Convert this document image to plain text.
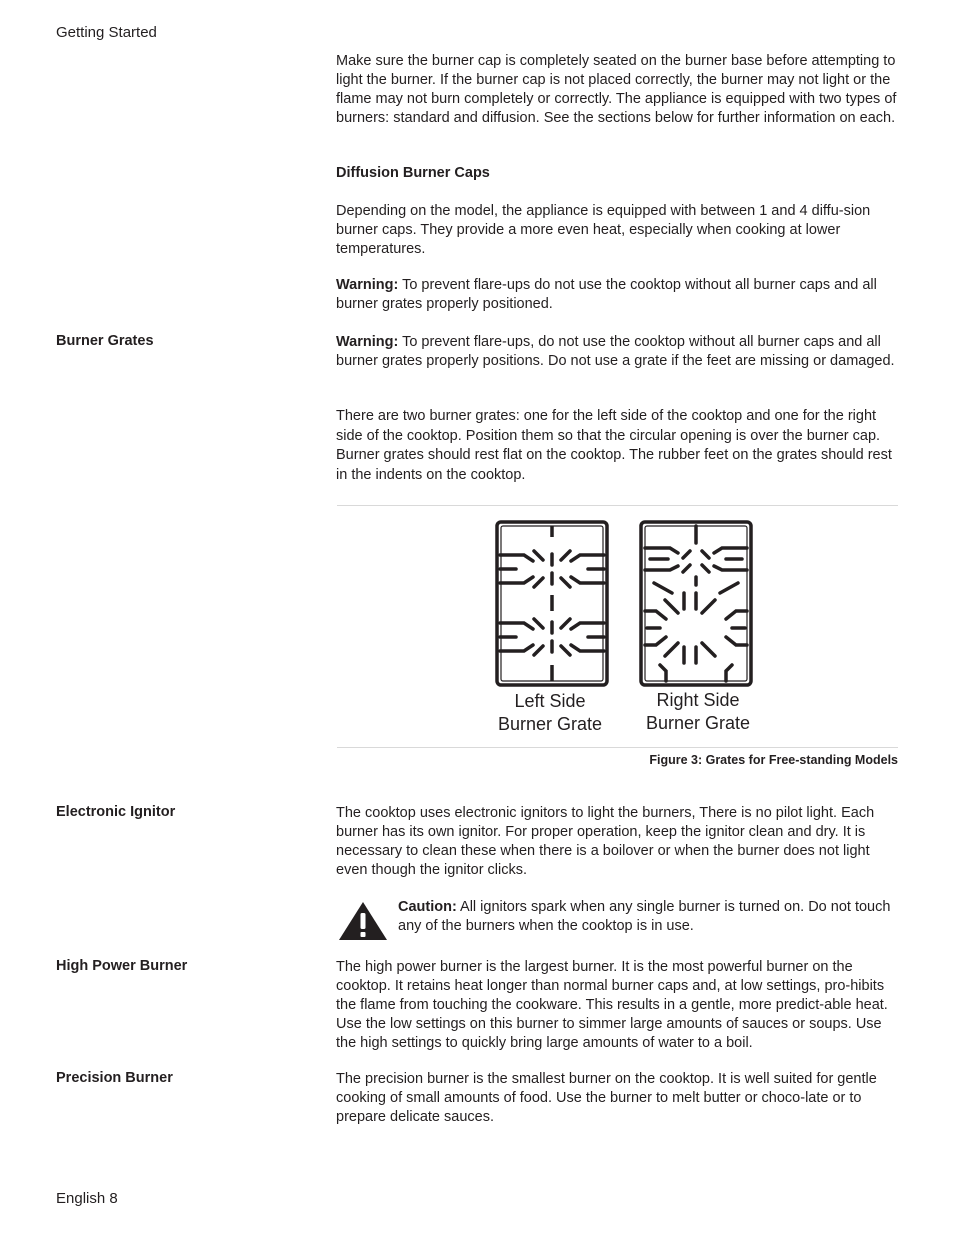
Getting Started

Make sure the burner cap is completely seated on the burner base before attempting to light the burner. If the burner cap is not placed correctly, the burner may not light or the flame may not burn completely or correctly. The appliance is equipped with two types of burners: standard and diffusion. See the sections below for further information on each.

Diffusion Burner Caps

Depending on the model, the appliance is equipped with between 1 and 4 diffu-sion burner caps. They provide a more even heat, especially when cooking at lower temperatures.

Warning: To prevent flare-ups do not use the cooktop without all burner caps and all burner grates properly positioned.

Burner Grates	Warning: To prevent flare-ups, do not use the cooktop without all burner caps and all burner grates properly positions. Do not use a grate if the feet are missing or damaged.

There are two burner grates: one for the left side of the cooktop and one for the right side of the cooktop. Position them so that the circular opening is over the burner cap. Burner grates should rest flat on the cooktop. The rubber feet on the grates should rest in the indents on the cooktop.

Left Side
Burner Grate
Right Side
Burner Grate
Figure 3: Grates for Free-standing Models
Electronic Ignitor	The cooktop uses electronic ignitors to light the burners, There is no pilot light. Each burner has its own ignitor. For proper operation, keep the ignitor clean and dry. It is necessary to clean these when there is a boilover or when the burner does not light even though the ignitor clicks.

Caution: All ignitors spark when any single burner is turned on. Do not touch any of the burners when the cooktop is in use.
High Power Burner	The high power burner is the largest burner. It is the most powerful burner on the cooktop. It retains heat longer than normal burner caps and, at low settings, pro-hibits the flame from touching the cookware. This results in a gentle, more predict-able heat. Use the low settings on this burner to simmer large amounts of sauces or soups. Use the high settings to quickly bring large amounts of water to a boil.

Precision Burner	The precision burner is the smallest burner on the cooktop. It is well suited for gentle cooking of small amounts of food. Use the burner to melt butter or choco-late or to prepare delicate sauces.

English 8
